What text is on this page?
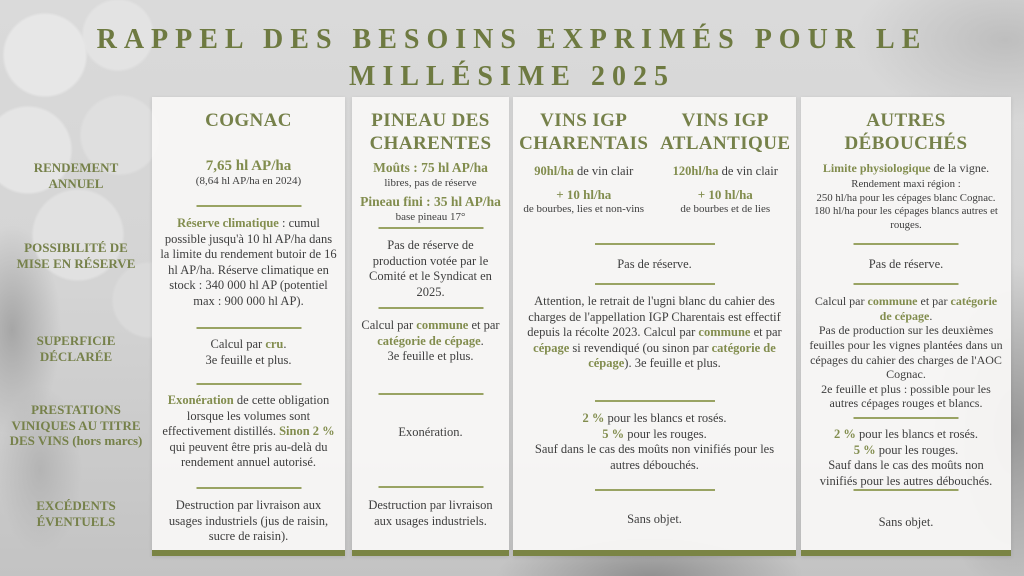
RAPPEL DES BESOINS EXPRIMÉS POUR LE
MILLÉSIME 2025
RENDEMENT ANNUEL
POSSIBILITÉ DE MISE EN RÉSERVE
SUPERFICIE DÉCLARÉE
PRESTATIONS VINIQUES AU TITRE DES VINS (hors marcs)
EXCÉDENTS ÉVENTUELS
COGNAC
7,65 hl AP/ha
(8,64 hl AP/ha en 2024)
Réserve climatique : cumul possible jusqu'à 10 hl AP/ha dans la limite du rendement butoir de 16 hl AP/ha. Réserve climatique en stock : 340 000 hl AP (potentiel max : 900 000 hl AP).
Calcul par cru.
3e feuille et plus.
Exonération de cette obligation lorsque les volumes sont effectivement distillés. Sinon 2 % qui peuvent être pris au-delà du rendement annuel autorisé.
Destruction par livraison aux usages industriels (jus de raisin, sucre de raisin).
PINEAU DES CHARENTES
Moûts : 75 hl AP/ha
libres, pas de réserve
Pineau fini : 35 hl AP/ha
base pineau 17°
Pas de réserve de production votée par le Comité et le Syndicat en 2025.
Calcul par commune et par catégorie de cépage.
3e feuille et plus.
Exonération.
Destruction par livraison aux usages industriels.
VINS IGP CHARENTAIS
90hl/ha de vin clair
+ 10 hl/ha
de bourbes, lies et non-vins
VINS IGP ATLANTIQUE
120hl/ha de vin clair
+ 10 hl/ha
de bourbes et de lies
Pas de réserve.
Attention, le retrait de l'ugni blanc du cahier des charges de l'appellation IGP Charentais est effectif depuis la récolte 2023. Calcul par commune et par cépage si revendiqué (ou sinon par catégorie de cépage). 3e feuille et plus.
2 % pour les blancs et rosés.
5 % pour les rouges.
Sauf dans le cas des moûts non vinifiés pour les autres débouchés.
Sans objet.
AUTRES DÉBOUCHÉS
Limite physiologique de la vigne.
Rendement maxi région :
250 hl/ha pour les cépages blanc Cognac.
180 hl/ha pour les cépages blancs autres et rouges.
Pas de réserve.
Calcul par commune et par catégorie de cépage.
Pas de production sur les deuxièmes feuilles pour les vignes plantées dans un cépages du cahier des charges de l'AOC Cognac.
2e feuille et plus : possible pour les autres cépages rouges et blancs.
2 % pour les blancs et rosés.
5 % pour les rouges.
Sauf dans le cas des moûts non vinifiés pour les autres débouchés.
Sans objet.
